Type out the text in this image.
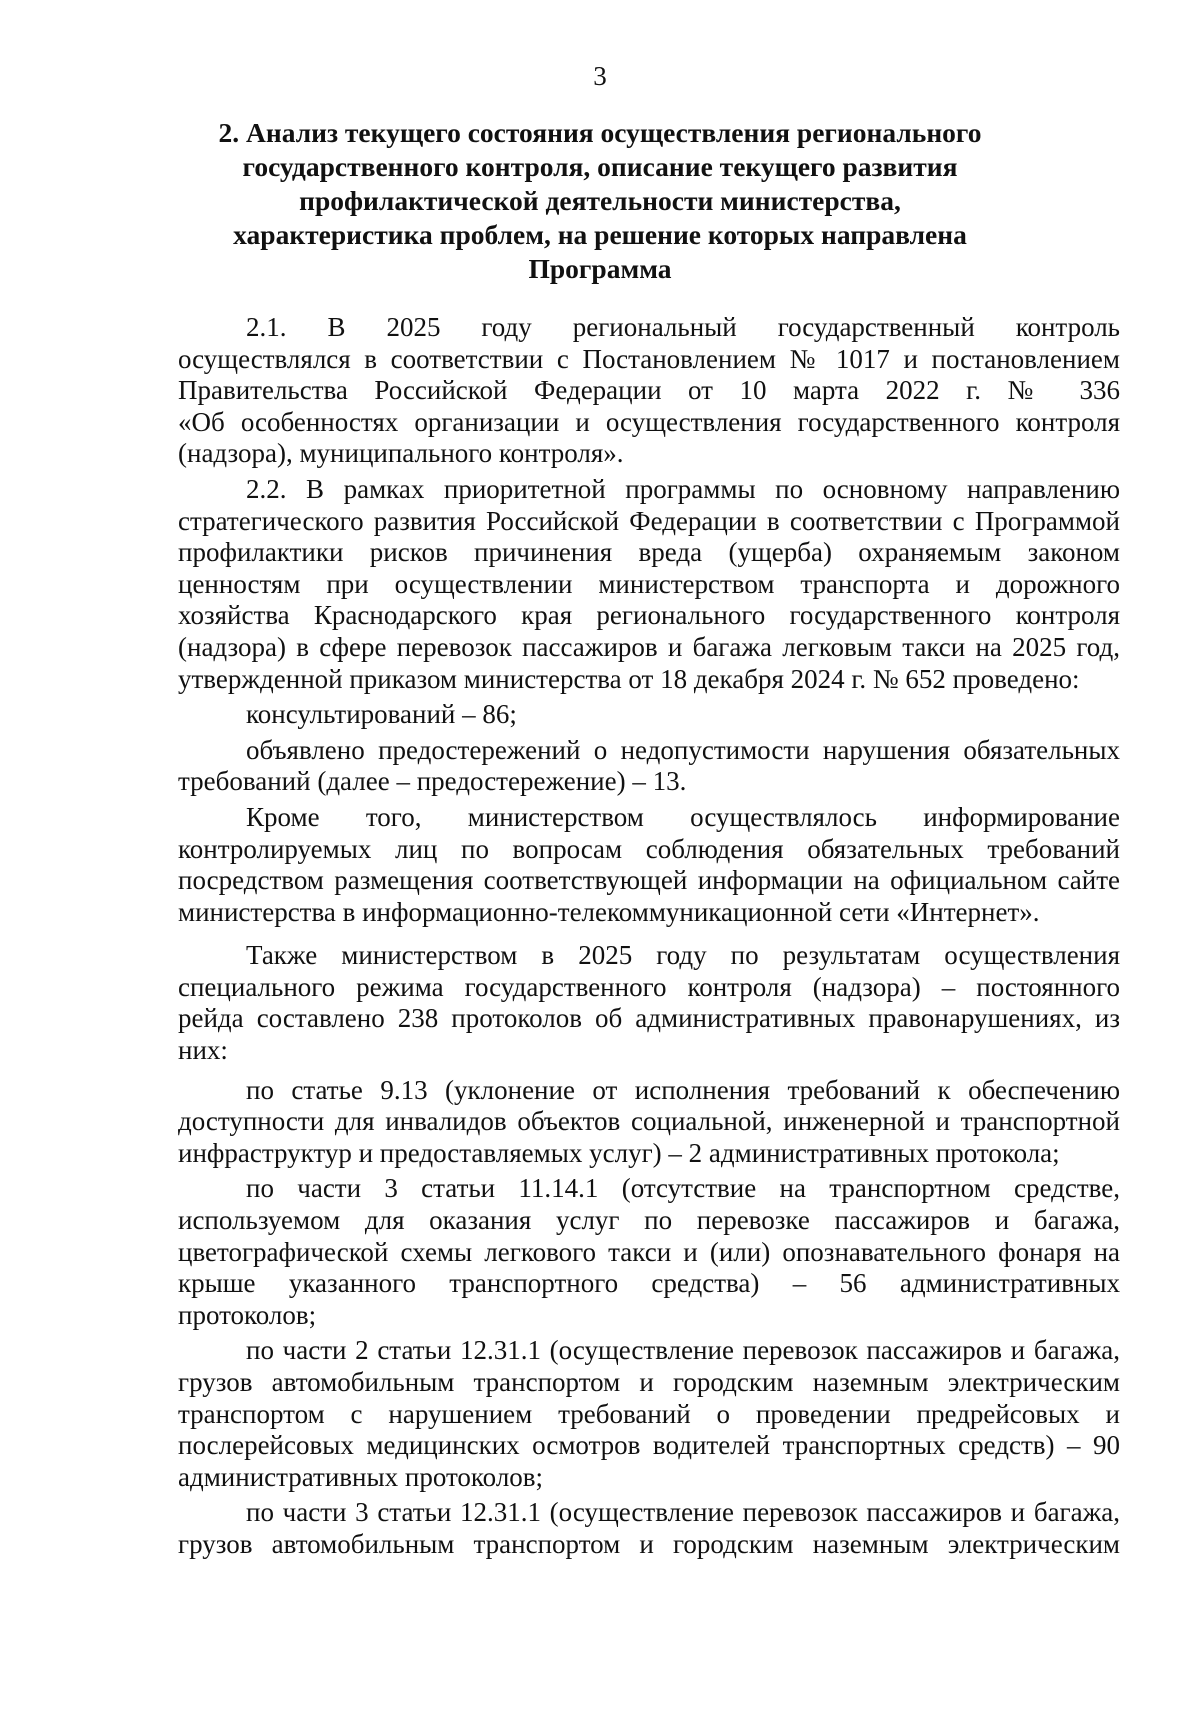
3
2. Анализ текущего состояния осуществления регионального
государственного контроля, описание текущего развития
профилактической деятельности министерства,
характеристика проблем, на решение которых направлена
Программа

2.1. В 2025 году региональный государственный контроль
осуществлялся в соответствии с Постановлением № 1017 и постановлением
Правительства Российской Федерации от 10 марта 2022 г. № 336
«Об особенностях организации и осуществления государственного контроля
(надзора), муниципального контроля».

2.2. В рамках приоритетной программы по основному направлению
стратегического развития Российской Федерации в соответствии с Программой
профилактики рисков причинения вреда (ущерба) охраняемым законом
ценностям при осуществлении министерством транспорта и дорожного
хозяйства Краснодарского края регионального государственного контроля
(надзора) в сфере перевозок пассажиров и багажа легковым такси на 2025 год,
утвержденной приказом министерства от 18 декабря 2024 г. № 652 проведено:

консультирований – 86;

объявлено предостережений о недопустимости нарушения обязательных
требований (далее – предостережение) – 13.

Кроме того, министерством осуществлялось информирование
контролируемых лиц по вопросам соблюдения обязательных требований
посредством размещения соответствующей информации на официальном сайте
министерства в информационно-телекоммуникационной сети «Интернет».

Также министерством в 2025 году по результатам осуществления
специального режима государственного контроля (надзора) – постоянного
рейда составлено 238 протоколов об административных правонарушениях, из
них:

по статье 9.13 (уклонение от исполнения требований к обеспечению
доступности для инвалидов объектов социальной, инженерной и транспортной
инфраструктур и предоставляемых услуг) – 2 административных протокола;

по части 3 статьи 11.14.1 (отсутствие на транспортном средстве,
используемом для оказания услуг по перевозке пассажиров и багажа,
цветографической схемы легкового такси и (или) опознавательного фонаря на
крыше указанного транспортного средства) – 56 административных
протоколов;

по части 2 статьи 12.31.1 (осуществление перевозок пассажиров и багажа,
грузов автомобильным транспортом и городским наземным электрическим
транспортом с нарушением требований о проведении предрейсовых и
послерейсовых медицинских осмотров водителей транспортных средств) – 90
административных протоколов;

по части 3 статьи 12.31.1 (осуществление перевозок пассажиров и багажа,
грузов автомобильным транспортом и городским наземным электрическим
